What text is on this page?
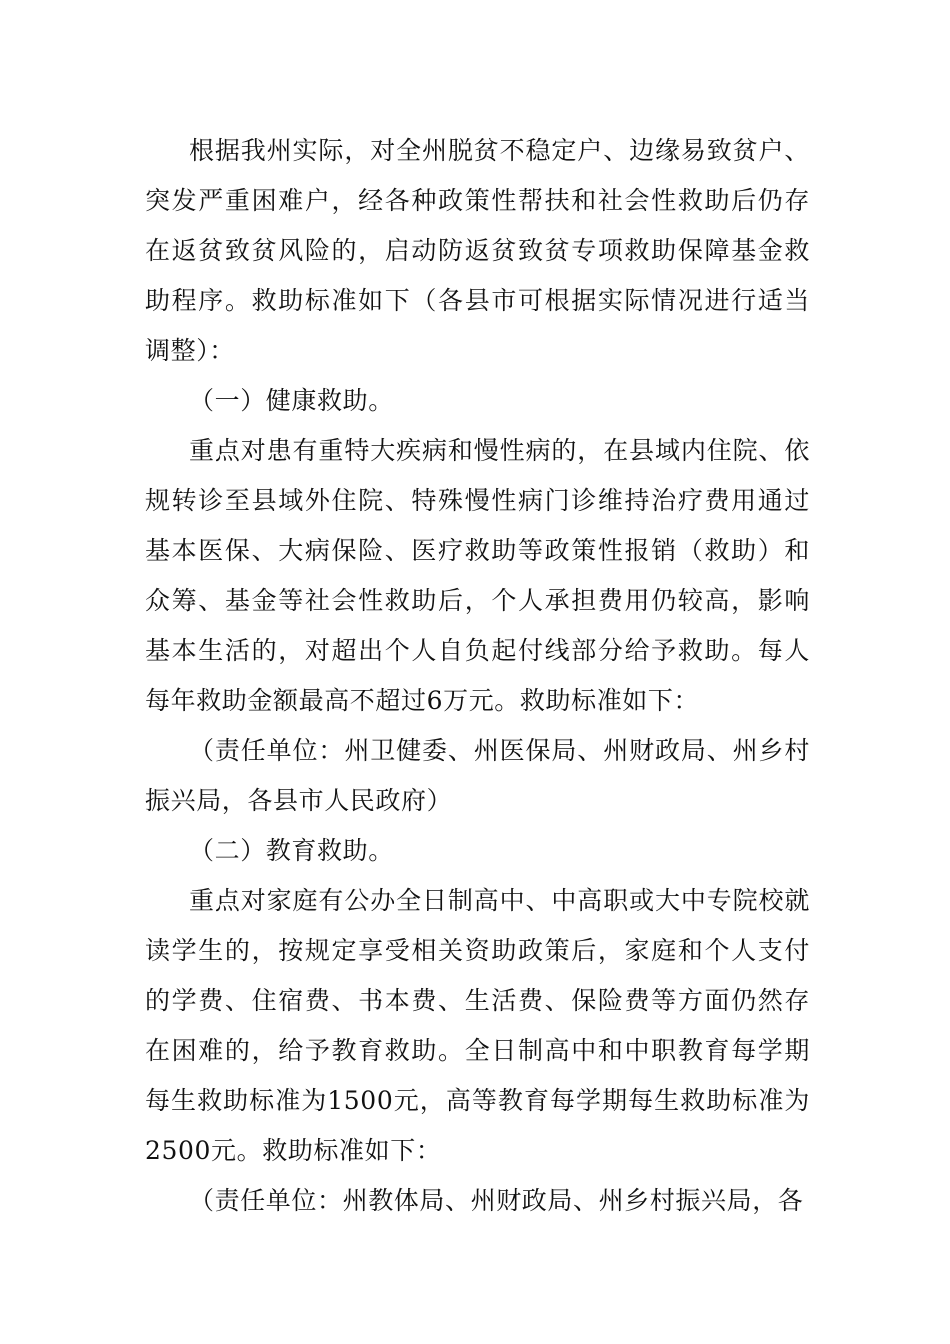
根据我州实际，对全州脱贫不稳定户、边缘易致贫户、突发严重困难户，经各种政策性帮扶和社会性救助后仍存在返贫致贫风险的，启动防返贫致贫专项救助保障基金救助程序。救助标准如下（各县市可根据实际情况进行适当调整）：

（一）健康救助。

重点对患有重特大疾病和慢性病的，在县域内住院、依规转诊至县域外住院、特殊慢性病门诊维持治疗费用通过基本医保、大病保险、医疗救助等政策性报销（救助）和众筹、基金等社会性救助后，个人承担费用仍较高，影响基本生活的，对超出个人自负起付线部分给予救助。每人每年救助金额最高不超过6万元。救助标准如下：

（责任单位：州卫健委、州医保局、州财政局、州乡村振兴局，各县市人民政府）

（二）教育救助。

重点对家庭有公办全日制高中、中高职或大中专院校就读学生的，按规定享受相关资助政策后，家庭和个人支付的学费、住宿费、书本费、生活费、保险费等方面仍然存在困难的，给予教育救助。全日制高中和中职教育每学期每生救助标准为1500元，高等教育每学期每生救助标准为2500元。救助标准如下：

（责任单位：州教体局、州财政局、州乡村振兴局，各
